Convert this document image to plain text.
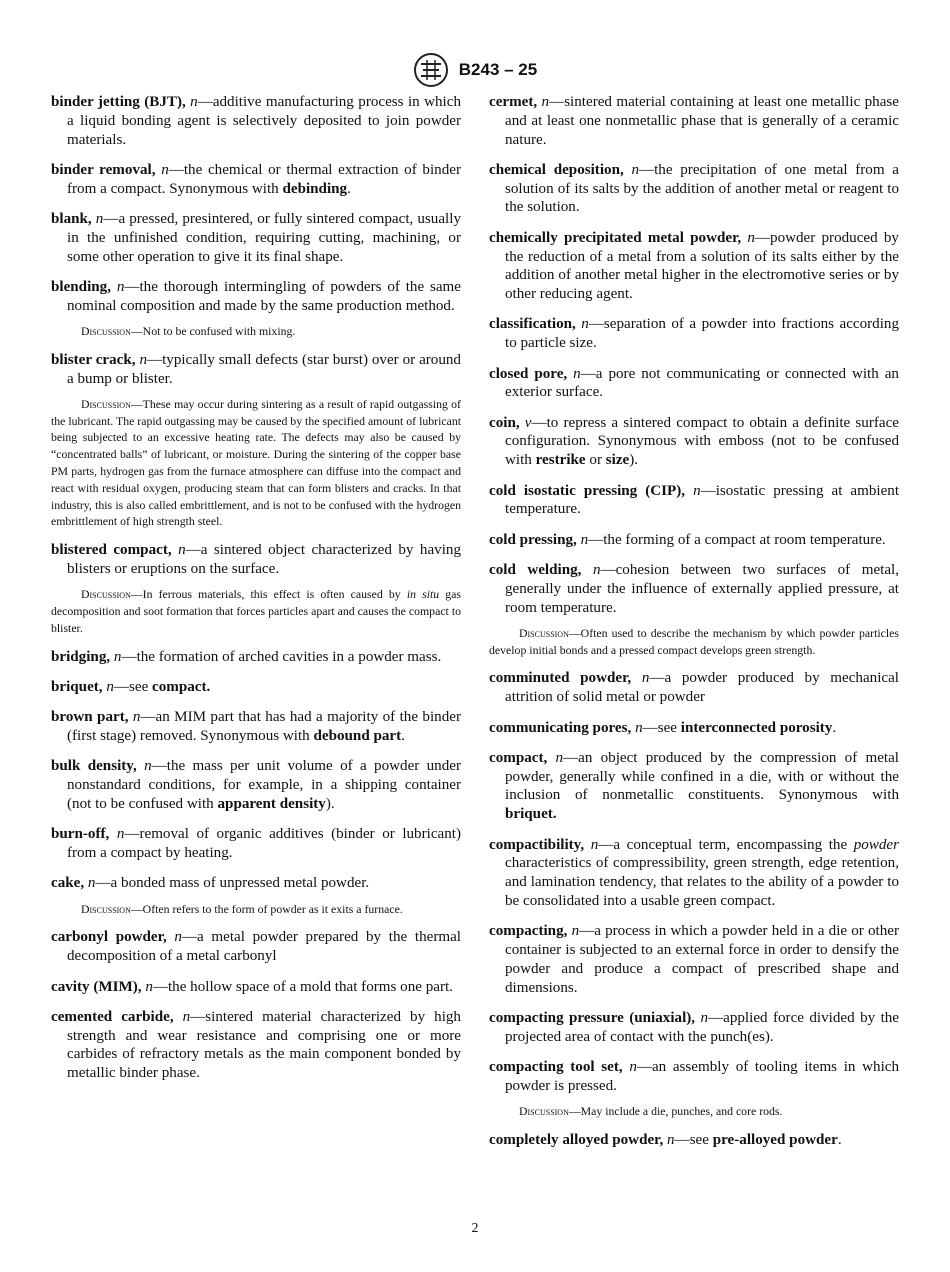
B243 – 25

binder jetting (BJT), n—additive manufacturing process in which a liquid bonding agent is selectively deposited to join powder materials.

binder removal, n—the chemical or thermal extraction of binder from a compact. Synonymous with debinding.

blank, n—a pressed, presintered, or fully sintered compact, usually in the unfinished condition, requiring cutting, machining, or some other operation to give it its final shape.

blending, n—the thorough intermingling of powders of the same nominal composition and made by the same production method.

Discussion—Not to be confused with mixing.

blister crack, n—typically small defects (star burst) over or around a bump or blister.

Discussion—These may occur during sintering as a result of rapid outgassing of the lubricant. The rapid outgassing may be caused by the specified amount of lubricant being subjected to an excessive heating rate. The defects may also be caused by “concentrated balls” of lubricant, or moisture. During the sintering of the copper base PM parts, hydrogen gas from the furnace atmosphere can diffuse into the compact and react with residual oxygen, producing steam that can form blisters and cracks. In that industry, this is also called embrittlement, and is not to be confused with the hydrogen embrittlement of high strength steel.

blistered compact, n—a sintered object characterized by having blisters or eruptions on the surface.

Discussion—In ferrous materials, this effect is often caused by in situ gas decomposition and soot formation that forces particles apart and causes the compact to blister.

bridging, n—the formation of arched cavities in a powder mass.

briquet, n—see compact.

brown part, n—an MIM part that has had a majority of the binder (first stage) removed. Synonymous with debound part.

bulk density, n—the mass per unit volume of a powder under nonstandard conditions, for example, in a shipping container (not to be confused with apparent density).

burn-off, n—removal of organic additives (binder or lubricant) from a compact by heating.

cake, n—a bonded mass of unpressed metal powder.

Discussion—Often refers to the form of powder as it exits a furnace.

carbonyl powder, n—a metal powder prepared by the thermal decomposition of a metal carbonyl

cavity (MIM), n—the hollow space of a mold that forms one part.

cemented carbide, n—sintered material characterized by high strength and wear resistance and comprising one or more carbides of refractory metals as the main component bonded by metallic binder phase.

cermet, n—sintered material containing at least one metallic phase and at least one nonmetallic phase that is generally of a ceramic nature.

chemical deposition, n—the precipitation of one metal from a solution of its salts by the addition of another metal or reagent to the solution.

chemically precipitated metal powder, n—powder produced by the reduction of a metal from a solution of its salts either by the addition of another metal higher in the electromotive series or by other reducing agent.

classification, n—separation of a powder into fractions according to particle size.

closed pore, n—a pore not communicating or connected with an exterior surface.

coin, v—to repress a sintered compact to obtain a definite surface configuration. Synonymous with emboss (not to be confused with restrike or size).

cold isostatic pressing (CIP), n—isostatic pressing at ambient temperature.

cold pressing, n—the forming of a compact at room temperature.

cold welding, n—cohesion between two surfaces of metal, generally under the influence of externally applied pressure, at room temperature.

Discussion—Often used to describe the mechanism by which powder particles develop initial bonds and a pressed compact develops green strength.

comminuted powder, n—a powder produced by mechanical attrition of solid metal or powder

communicating pores, n—see interconnected porosity.

compact, n—an object produced by the compression of metal powder, generally while confined in a die, with or without the inclusion of nonmetallic constituents. Synonymous with briquet.

compactibility, n—a conceptual term, encompassing the powder characteristics of compressibility, green strength, edge retention, and lamination tendency, that relates to the ability of a powder to be consolidated into a usable green compact.

compacting, n—a process in which a powder held in a die or other container is subjected to an external force in order to densify the powder and produce a compact of prescribed shape and dimensions.

compacting pressure (uniaxial), n—applied force divided by the projected area of contact with the punch(es).

compacting tool set, n—an assembly of tooling items in which powder is pressed.

Discussion—May include a die, punches, and core rods.

completely alloyed powder, n—see pre-alloyed powder.

2
